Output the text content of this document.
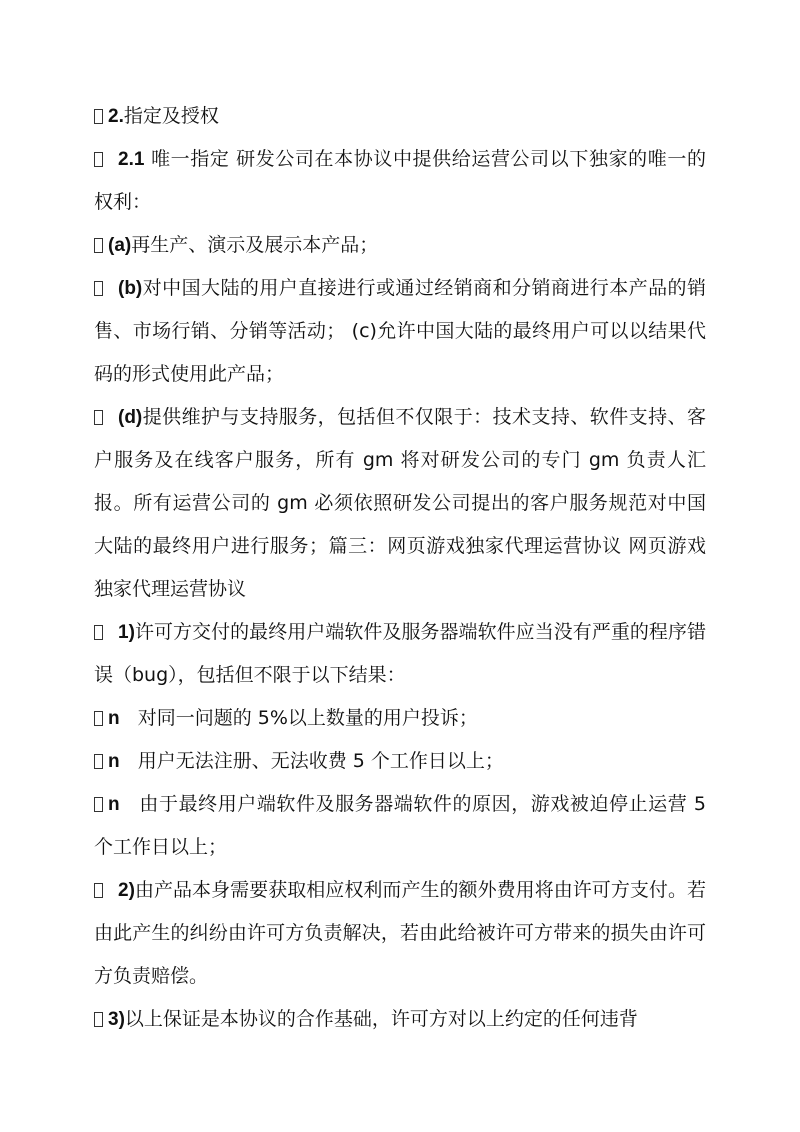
2.指定及授权

2.1 唯一指定 研发公司在本协议中提供给运营公司以下独家的唯一的权利：

(a)再生产、演示及展示本产品；

(b)对中国大陆的用户直接进行或通过经销商和分销商进行本产品的销售、市场行销、分销等活动； (c)允许中国大陆的最终用户可以以结果代码的形式使用此产品；

(d)提供维护与支持服务，包括但不仅限于：技术支持、软件支持、客户服务及在线客户服务，所有 gm 将对研发公司的专门 gm 负责人汇报。所有运营公司的 gm 必须依照研发公司提出的客户服务规范对中国大陆的最终用户进行服务；篇三：网页游戏独家代理运营协议 网页游戏独家代理运营协议

1)许可方交付的最终用户端软件及服务器端软件应当没有严重的程序错误（bug），包括但不限于以下结果：

n   对同一问题的 5%以上数量的用户投诉；

n   用户无法注册、无法收费 5 个工作日以上；

n   由于最终用户端软件及服务器端软件的原因，游戏被迫停止运营 5 个工作日以上；

2)由产品本身需要获取相应权利而产生的额外费用将由许可方支付。若由此产生的纠纷由许可方负责解决，若由此给被许可方带来的损失由许可方负责赔偿。

3)以上保证是本协议的合作基础，许可方对以上约定的任何违背
